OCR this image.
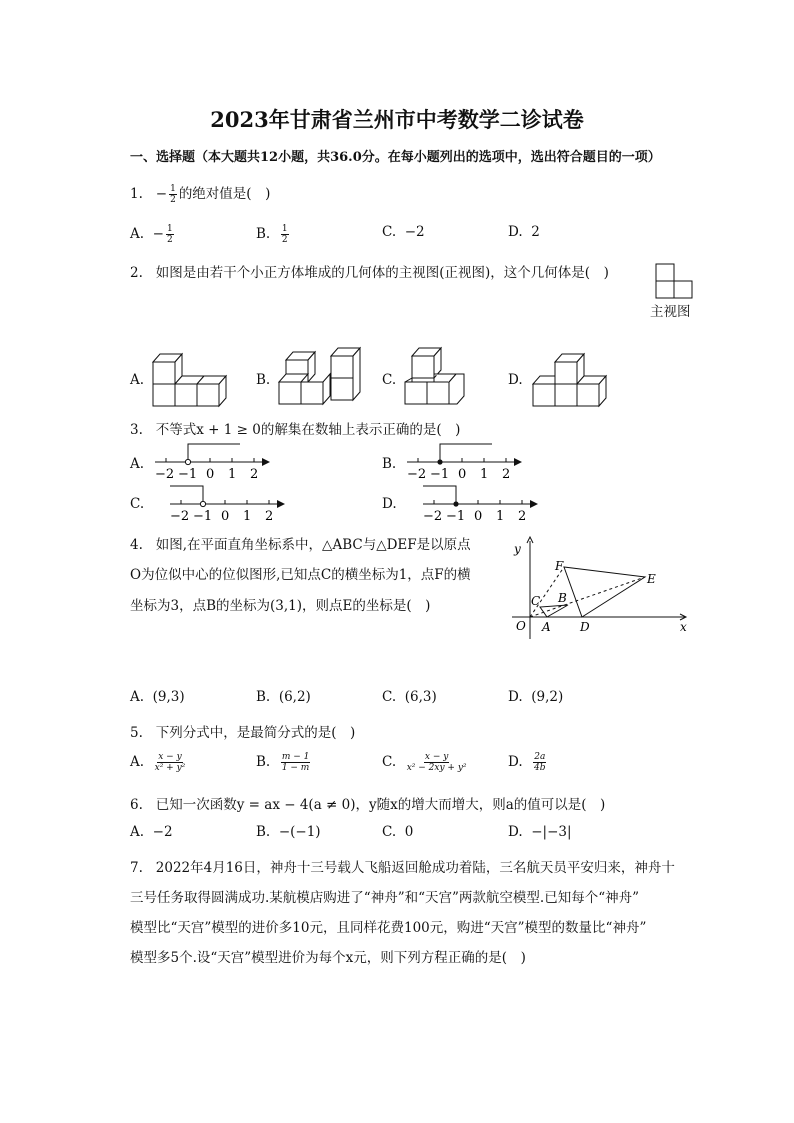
2023年甘肃省兰州市中考数学二诊试卷
一、选择题（本大题共12小题，共36.0分。在每小题列出的选项中，选出符合题目的一项）
1. − $\frac{1}{2}$ 的绝对值是(　)
A. − $\frac{1}{2}$	B. $\frac{1}{2}$	C. −2	D. 2
2. 如图是由若干个小正方体堆成的几何体的主视图(正视图)，这个几何体是(　)
主视图
A.	B.	C.	D.
3. 不等式x + 1 ≥ 0的解集在数轴上表示正确的是(　)
A.	B.
C.	D.
−2 −1 0 1 2	−2 −1 0 1 2
−2 −1 0 1 2	−2 −1 0 1 2
4. 如图,在平面直角坐标系中，△ABC与△DEF是以原点
O为位似中心的位似图形,已知点C的横坐标为1，点F的横
坐标为3，点B的坐标为(3,1)，则点E的坐标是(　)
y
x
O A
B
C
D
E
F
A. (9,3)	B. (6,2)	C. (6,3)	D. (9,2)
5. 下列分式中，是最简分式的是(　)
A. $\frac{x - y}{\text{x² + y²}}$	B. $\frac{m - 1}{1 - m}$	C. $\frac{x - y}{\text{x² − 2xy + y²}}$	D. $\frac{2a}{4b}$
6. 已知一次函数y = ax − 4(a ≠ 0)，y随x的增大而增大，则a的值可以是(　)
A. −2	B. −(−1)	C. 0	D. −|−3|
7. 2022年4月16日，神舟十三号载人飞船返回舱成功着陆，三名航天员平安归来，神舟十
三号任务取得圆满成功.某航模店购进了“神舟”和“天宫”两款航空模型.已知每个“神舟”
模型比“天宫”模型的进价多10元，且同样花费100元，购进“天宫”模型的数量比“神舟”
模型多5个.设“天宫”模型进价为每个x元，则下列方程正确的是(　)
